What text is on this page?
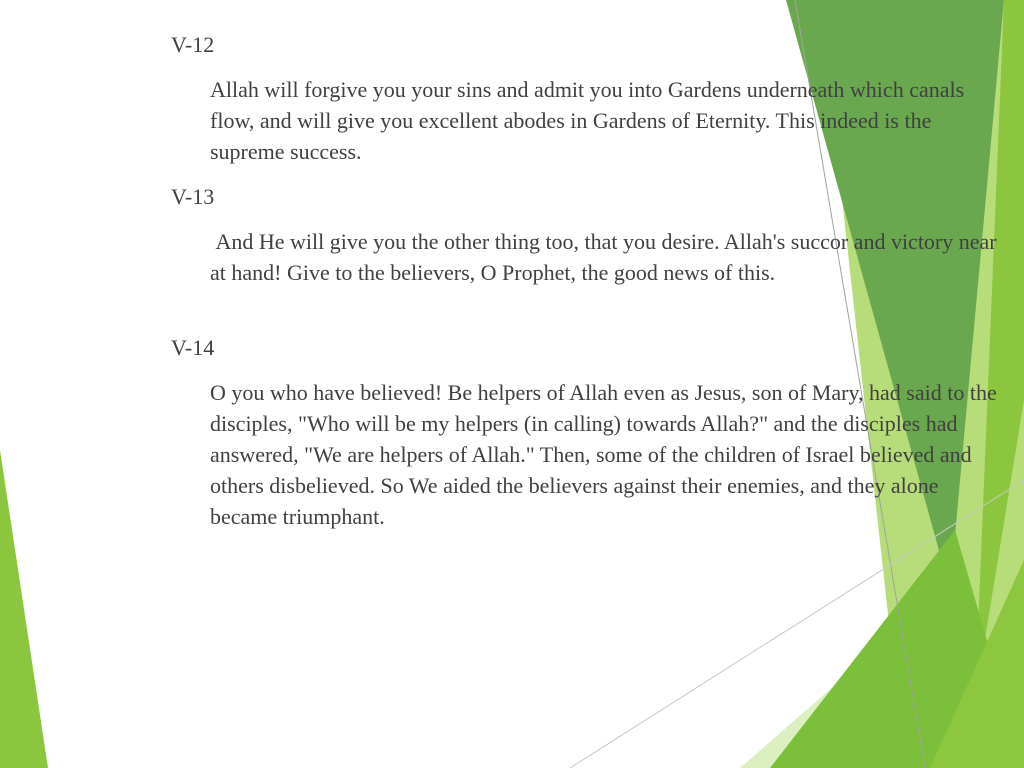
V-12

Allah will forgive you your sins and admit you into Gardens underneath which canals flow, and will give you excellent abodes in Gardens of Eternity. This indeed is the supreme success.

V-13

And He will give you the other thing too, that you desire. Allah's succor and victory near at hand! Give to the believers, O Prophet, the good news of this.

V-14

O you who have believed! Be helpers of Allah even as Jesus, son of Mary, had said to the disciples, "Who will be my helpers (in calling) towards Allah?" and the disciples had answered, "We are helpers of Allah." Then, some of the children of Israel believed and others disbelieved. So We aided the believers against their enemies, and they alone became triumphant.
